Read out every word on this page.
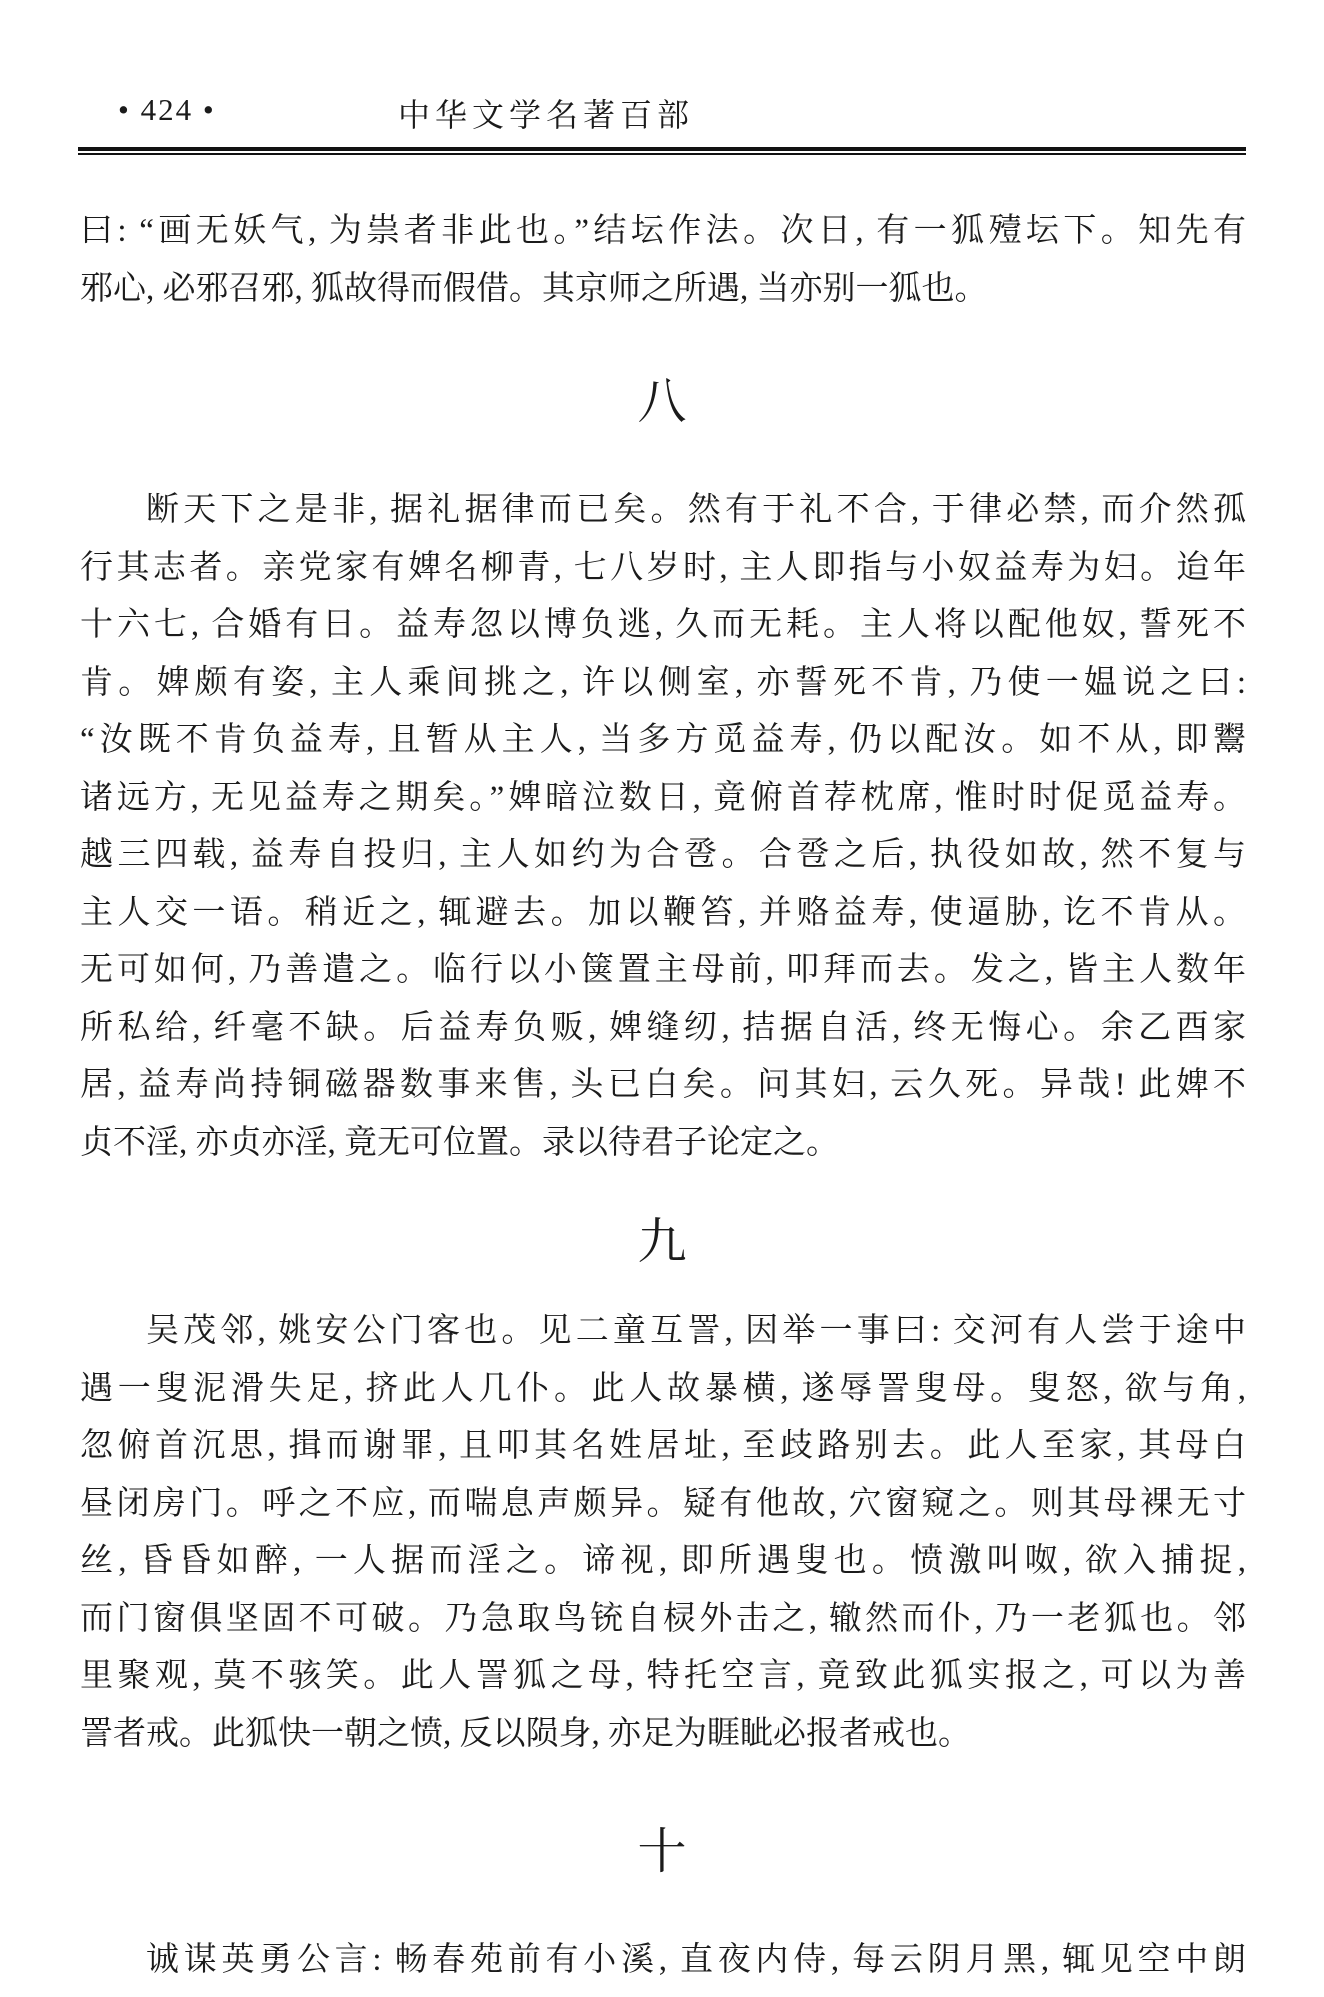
• 424 •	中华文学名著百部
曰: “画无妖气, 为祟者非此也。”结坛作法。次日, 有一狐殪坛下。知先有
邪心, 必邪召邪, 狐故得而假借。其京师之所遇, 当亦别一狐也。
八
断天下之是非, 据礼据律而已矣。然有于礼不合, 于律必禁, 而介然孤
行其志者。亲党家有婢名柳青, 七八岁时, 主人即指与小奴益寿为妇。迨年
十六七, 合婚有日。益寿忽以博负逃, 久而无耗。主人将以配他奴, 誓死不
肯。婢颇有姿, 主人乘间挑之, 许以侧室, 亦誓死不肯, 乃使一媪说之曰:
“汝既不肯负益寿, 且暂从主人, 当多方觅益寿, 仍以配汝。如不从, 即鬻
诸远方, 无见益寿之期矣。”婢暗泣数日, 竟俯首荐枕席, 惟时时促觅益寿。
越三四载, 益寿自投归, 主人如约为合卺。合卺之后, 执役如故, 然不复与
主人交一语。稍近之, 辄避去。加以鞭笞, 并赂益寿, 使逼胁, 讫不肯从。
无可如何, 乃善遣之。临行以小箧置主母前, 叩拜而去。发之, 皆主人数年
所私给, 纤毫不缺。后益寿负贩, 婢缝纫, 拮据自活, 终无悔心。余乙酉家
居, 益寿尚持铜磁器数事来售, 头已白矣。问其妇, 云久死。异哉! 此婢不
贞不淫, 亦贞亦淫, 竟无可位置。录以待君子论定之。
九
吴茂邻, 姚安公门客也。见二童互詈, 因举一事曰: 交河有人尝于途中
遇一叟泥滑失足, 挤此人几仆。此人故暴横, 遂辱詈叟母。叟怒, 欲与角,
忽俯首沉思, 揖而谢罪, 且叩其名姓居址, 至歧路别去。此人至家, 其母白
昼闭房门。呼之不应, 而喘息声颇异。疑有他故, 穴窗窥之。则其母裸无寸
丝, 昏昏如醉, 一人据而淫之。谛视, 即所遇叟也。愤激叫呶, 欲入捕捉,
而门窗俱坚固不可破。乃急取鸟铳自棂外击之, 辙然而仆, 乃一老狐也。邻
里聚观, 莫不骇笑。此人詈狐之母, 特托空言, 竟致此狐实报之, 可以为善
詈者戒。此狐快一朝之愤, 反以陨身, 亦足为睚眦必报者戒也。
十
诚谋英勇公言: 畅春苑前有小溪, 直夜内侍, 每云阴月黑, 辄见空中朗
